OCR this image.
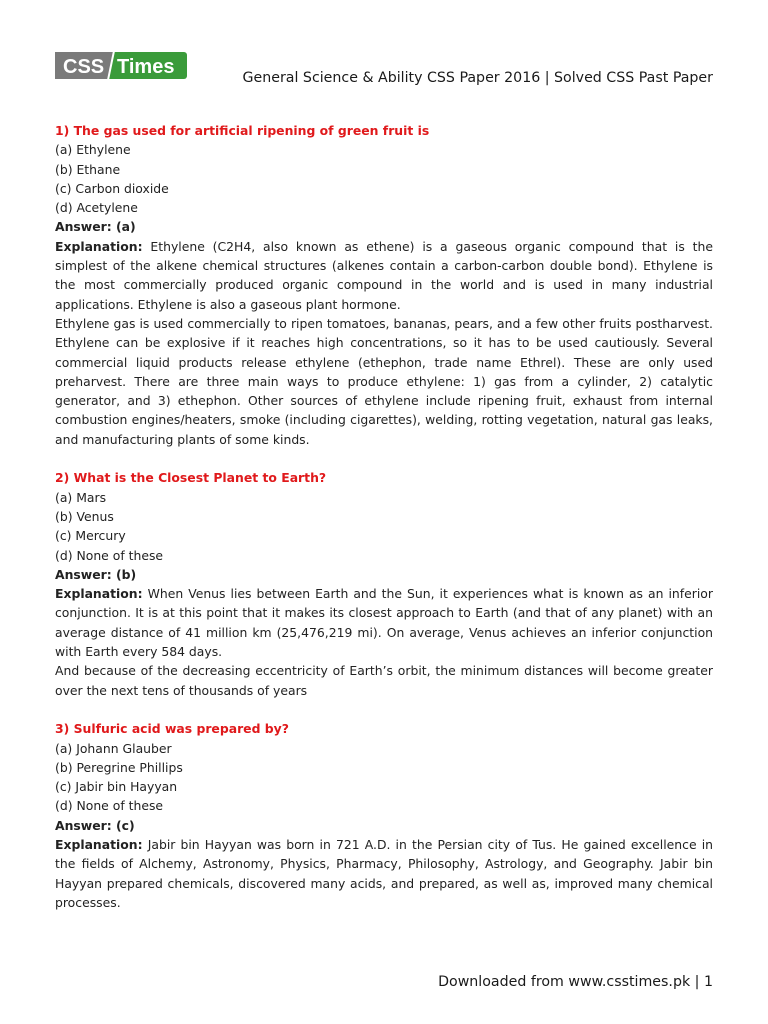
CSS Times	General Science & Ability CSS Paper 2016 | Solved CSS Past Paper
1) The gas used for artificial ripening of green fruit is
(a) Ethylene
(b) Ethane
(c) Carbon dioxide
(d) Acetylene
Answer: (a)
Explanation: Ethylene (C2H4, also known as ethene) is a gaseous organic compound that is the simplest of the alkene chemical structures (alkenes contain a carbon-carbon double bond). Ethylene is the most commercially produced organic compound in the world and is used in many industrial applications. Ethylene is also a gaseous plant hormone.
Ethylene gas is used commercially to ripen tomatoes, bananas, pears, and a few other fruits postharvest. Ethylene can be explosive if it reaches high concentrations, so it has to be used cautiously. Several commercial liquid products release ethylene (ethephon, trade name Ethrel). These are only used preharvest. There are three main ways to produce ethylene: 1) gas from a cylinder, 2) catalytic generator, and 3) ethephon. Other sources of ethylene include ripening fruit, exhaust from internal combustion engines/heaters, smoke (including cigarettes), welding, rotting vegetation, natural gas leaks, and manufacturing plants of some kinds.
2) What is the Closest Planet to Earth?
(a) Mars
(b) Venus
(c) Mercury
(d) None of these
Answer: (b)
Explanation: When Venus lies between Earth and the Sun, it experiences what is known as an inferior conjunction. It is at this point that it makes its closest approach to Earth (and that of any planet) with an average distance of 41 million km (25,476,219 mi). On average, Venus achieves an inferior conjunction with Earth every 584 days.
And because of the decreasing eccentricity of Earth’s orbit, the minimum distances will become greater over the next tens of thousands of years
3) Sulfuric acid was prepared by?
(a) Johann Glauber
(b) Peregrine Phillips
(c) Jabir bin Hayyan
(d) None of these
Answer: (c)
Explanation: Jabir bin Hayyan was born in 721 A.D. in the Persian city of Tus. He gained excellence in the fields of Alchemy, Astronomy, Physics, Pharmacy, Philosophy, Astrology, and Geography. Jabir bin Hayyan prepared chemicals, discovered many acids, and prepared, as well as, improved many chemical processes.
Downloaded from www.csstimes.pk | 1
